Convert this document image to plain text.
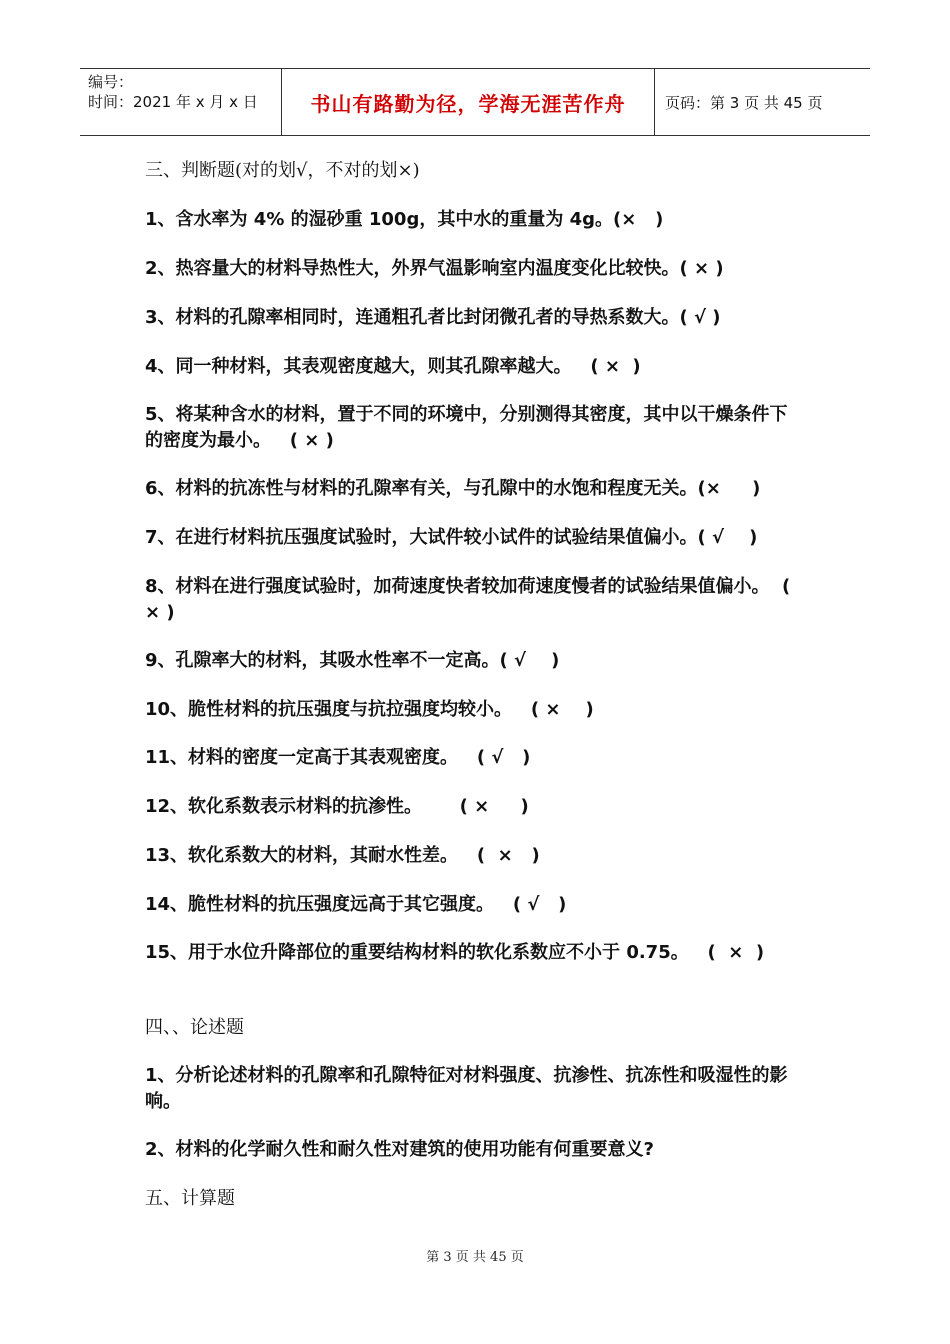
编号：
时间：2021 年 x 月 x 日	书山有路勤为径，学海无涯苦作舟	页码：第 3 页 共 45 页
三、判断题(对的划√，不对的划×)
1、含水率为 4% 的湿砂重 100g，其中水的重量为 4g。(×   )
2、热容量大的材料导热性大，外界气温影响室内温度变化比较快。( × )
3、材料的孔隙率相同时，连通粗孔者比封闭微孔者的导热系数大。( √ )
4、同一种材料，其表观密度越大，则其孔隙率越大。   ( ×  )
5、将某种含水的材料，置于不同的环境中，分别测得其密度，其中以干燥条件下的密度为最小。   ( × )
6、材料的抗冻性与材料的孔隙率有关，与孔隙中的水饱和程度无关。(×     )
7、在进行材料抗压强度试验时，大试件较小试件的试验结果值偏小。( √    )
8、材料在进行强度试验时，加荷速度快者较加荷速度慢者的试验结果值偏小。  ( × )
9、孔隙率大的材料，其吸水性率不一定高。( √    )
10、脆性材料的抗压强度与抗拉强度均较小。   ( ×    )
11、材料的密度一定高于其表观密度。   ( √   )
12、软化系数表示材料的抗渗性。      ( ×     )
13、软化系数大的材料，其耐水性差。   (  ×   )
14、脆性材料的抗压强度远高于其它强度。   ( √   )
15、用于水位升降部位的重要结构材料的软化系数应不小于 0.75。   (  ×  )
四、、论述题
1、分析论述材料的孔隙率和孔隙特征对材料强度、抗渗性、抗冻性和吸湿性的影响。
2、材料的化学耐久性和耐久性对建筑的使用功能有何重要意义?
五、计算题
第 3 页 共 45 页
